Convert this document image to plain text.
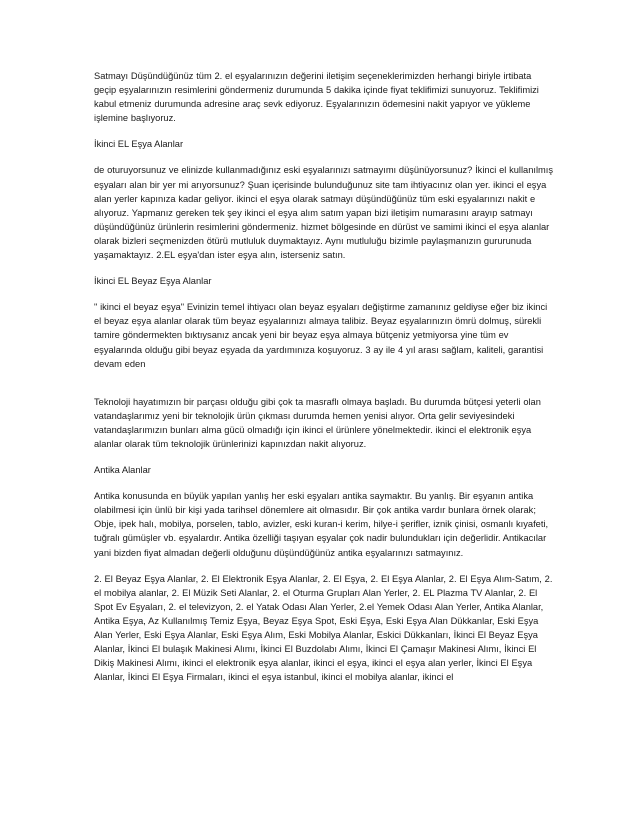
Satmayı Düşündüğünüz tüm 2. el eşyalarınızın değerini iletişim seçeneklerimizden herhangi biriyle irtibata geçip eşyalarınızın resimlerini göndermeniz durumunda 5 dakika içinde fiyat teklifimizi sunuyoruz. Teklifimizi kabul etmeniz durumunda adresine araç sevk ediyoruz. Eşyalarınızın ödemesini nakit yapıyor ve yükleme işlemine başlıyoruz.

İkinci EL Eşya Alanlar

de oturuyorsunuz ve elinizde kullanmadığınız eski eşyalarınızı satmayımı düşünüyorsunuz? İkinci el kullanılmış eşyaları alan bir yer mi arıyorsunuz? Şuan içerisinde bulunduğunuz site tam ihtiyacınız olan yer. ikinci el eşya alan yerler kapınıza kadar geliyor. ikinci el eşya olarak satmayı düşündüğünüz tüm eski eşyalarınızı nakit e alıyoruz. Yapmanız gereken tek şey ikinci el eşya alım satım yapan bizi iletişim numarasını arayıp satmayı düşündüğünüz ürünlerin resimlerini göndermeniz. hizmet bölgesinde en dürüst ve samimi ikinci el eşya alanlar olarak bizleri seçmenizden ötürü mutluluk duymaktayız. Aynı mutluluğu bizimle paylaşmanızın gururunuda yaşamaktayız. 2.EL eşya'dan ister eşya alın, isterseniz satın.

İkinci EL Beyaz Eşya Alanlar

" ikinci el beyaz eşya" Evinizin temel ihtiyacı olan beyaz eşyaları değiştirme zamanınız geldiyse eğer biz ikinci el beyaz eşya alanlar olarak tüm beyaz eşyalarınızı almaya talibiz. Beyaz eşyalarınızın ömrü dolmuş, sürekli tamire göndermekten bıktıysanız ancak yeni bir beyaz eşya almaya bütçeniz yetmiyorsa yine tüm ev eşyalarında olduğu gibi beyaz eşyada da yardımınıza koşuyoruz. 3 ay ile 4 yıl arası sağlam, kaliteli, garantisi devam eden

Teknoloji hayatımızın bir parçası olduğu gibi çok ta masraflı olmaya başladı. Bu durumda bütçesi yeterli olan vatandaşlarımız yeni bir teknolojik ürün çıkması durumda hemen yenisi alıyor. Orta gelir seviyesindeki vatandaşlarımızın bunları alma gücü olmadığı için ikinci el ürünlere yönelmektedir. ikinci el elektronik eşya alanlar olarak tüm teknolojik ürünlerinizi kapınızdan nakit alıyoruz.

Antika Alanlar

Antika konusunda en büyük yapılan yanlış her eski eşyaları antika saymaktır. Bu yanlış. Bir eşyanın antika olabilmesi için ünlü bir kişi yada tarihsel dönemlere ait olmasıdır. Bir çok antika vardır bunlara örnek olarak; Obje, ipek halı, mobilya, porselen, tablo, avizler, eski kuran-i kerim, hilye-i şerifler, iznik çinisi, osmanlı kıyafeti, tuğralı gümüşler vb. eşyalardır. Antika özelliği taşıyan eşyalar çok nadir bulundukları için değerlidir. Antikacılar yani bizden fiyat almadan değerli olduğunu düşündüğünüz antika eşyalarınızı satmayınız.

2. El Beyaz Eşya Alanlar, 2. El Elektronik Eşya Alanlar, 2. El Eşya, 2. El Eşya Alanlar, 2. El Eşya Alım-Satım, 2. el mobilya alanlar, 2. El Müzik Seti Alanlar, 2. el Oturma Grupları Alan Yerler, 2. EL Plazma TV Alanlar, 2. El Spot Ev Eşyaları, 2. el televizyon, 2. el Yatak Odası Alan Yerler, 2.el Yemek Odası Alan Yerler, Antika Alanlar, Antika Eşya, Az Kullanılmış Temiz Eşya, Beyaz Eşya Spot, Eski Eşya, Eski Eşya Alan Dükkanlar, Eski Eşya Alan Yerler, Eski Eşya Alanlar, Eski Eşya Alım, Eski Mobilya Alanlar, Eskici Dükkanları, İkinci El Beyaz Eşya Alanlar, İkinci El bulaşık Makinesi Alımı, İkinci El Buzdolabı Alımı, İkinci El Çamaşır Makinesi Alımı, İkinci El Dikiş Makinesi Alımı, ikinci el elektronik eşya alanlar, ikinci el eşya, ikinci el eşya alan yerler, İkinci El Eşya Alanlar, İkinci El Eşya Firmaları, ikinci el eşya istanbul, ikinci el mobilya alanlar, ikinci el
